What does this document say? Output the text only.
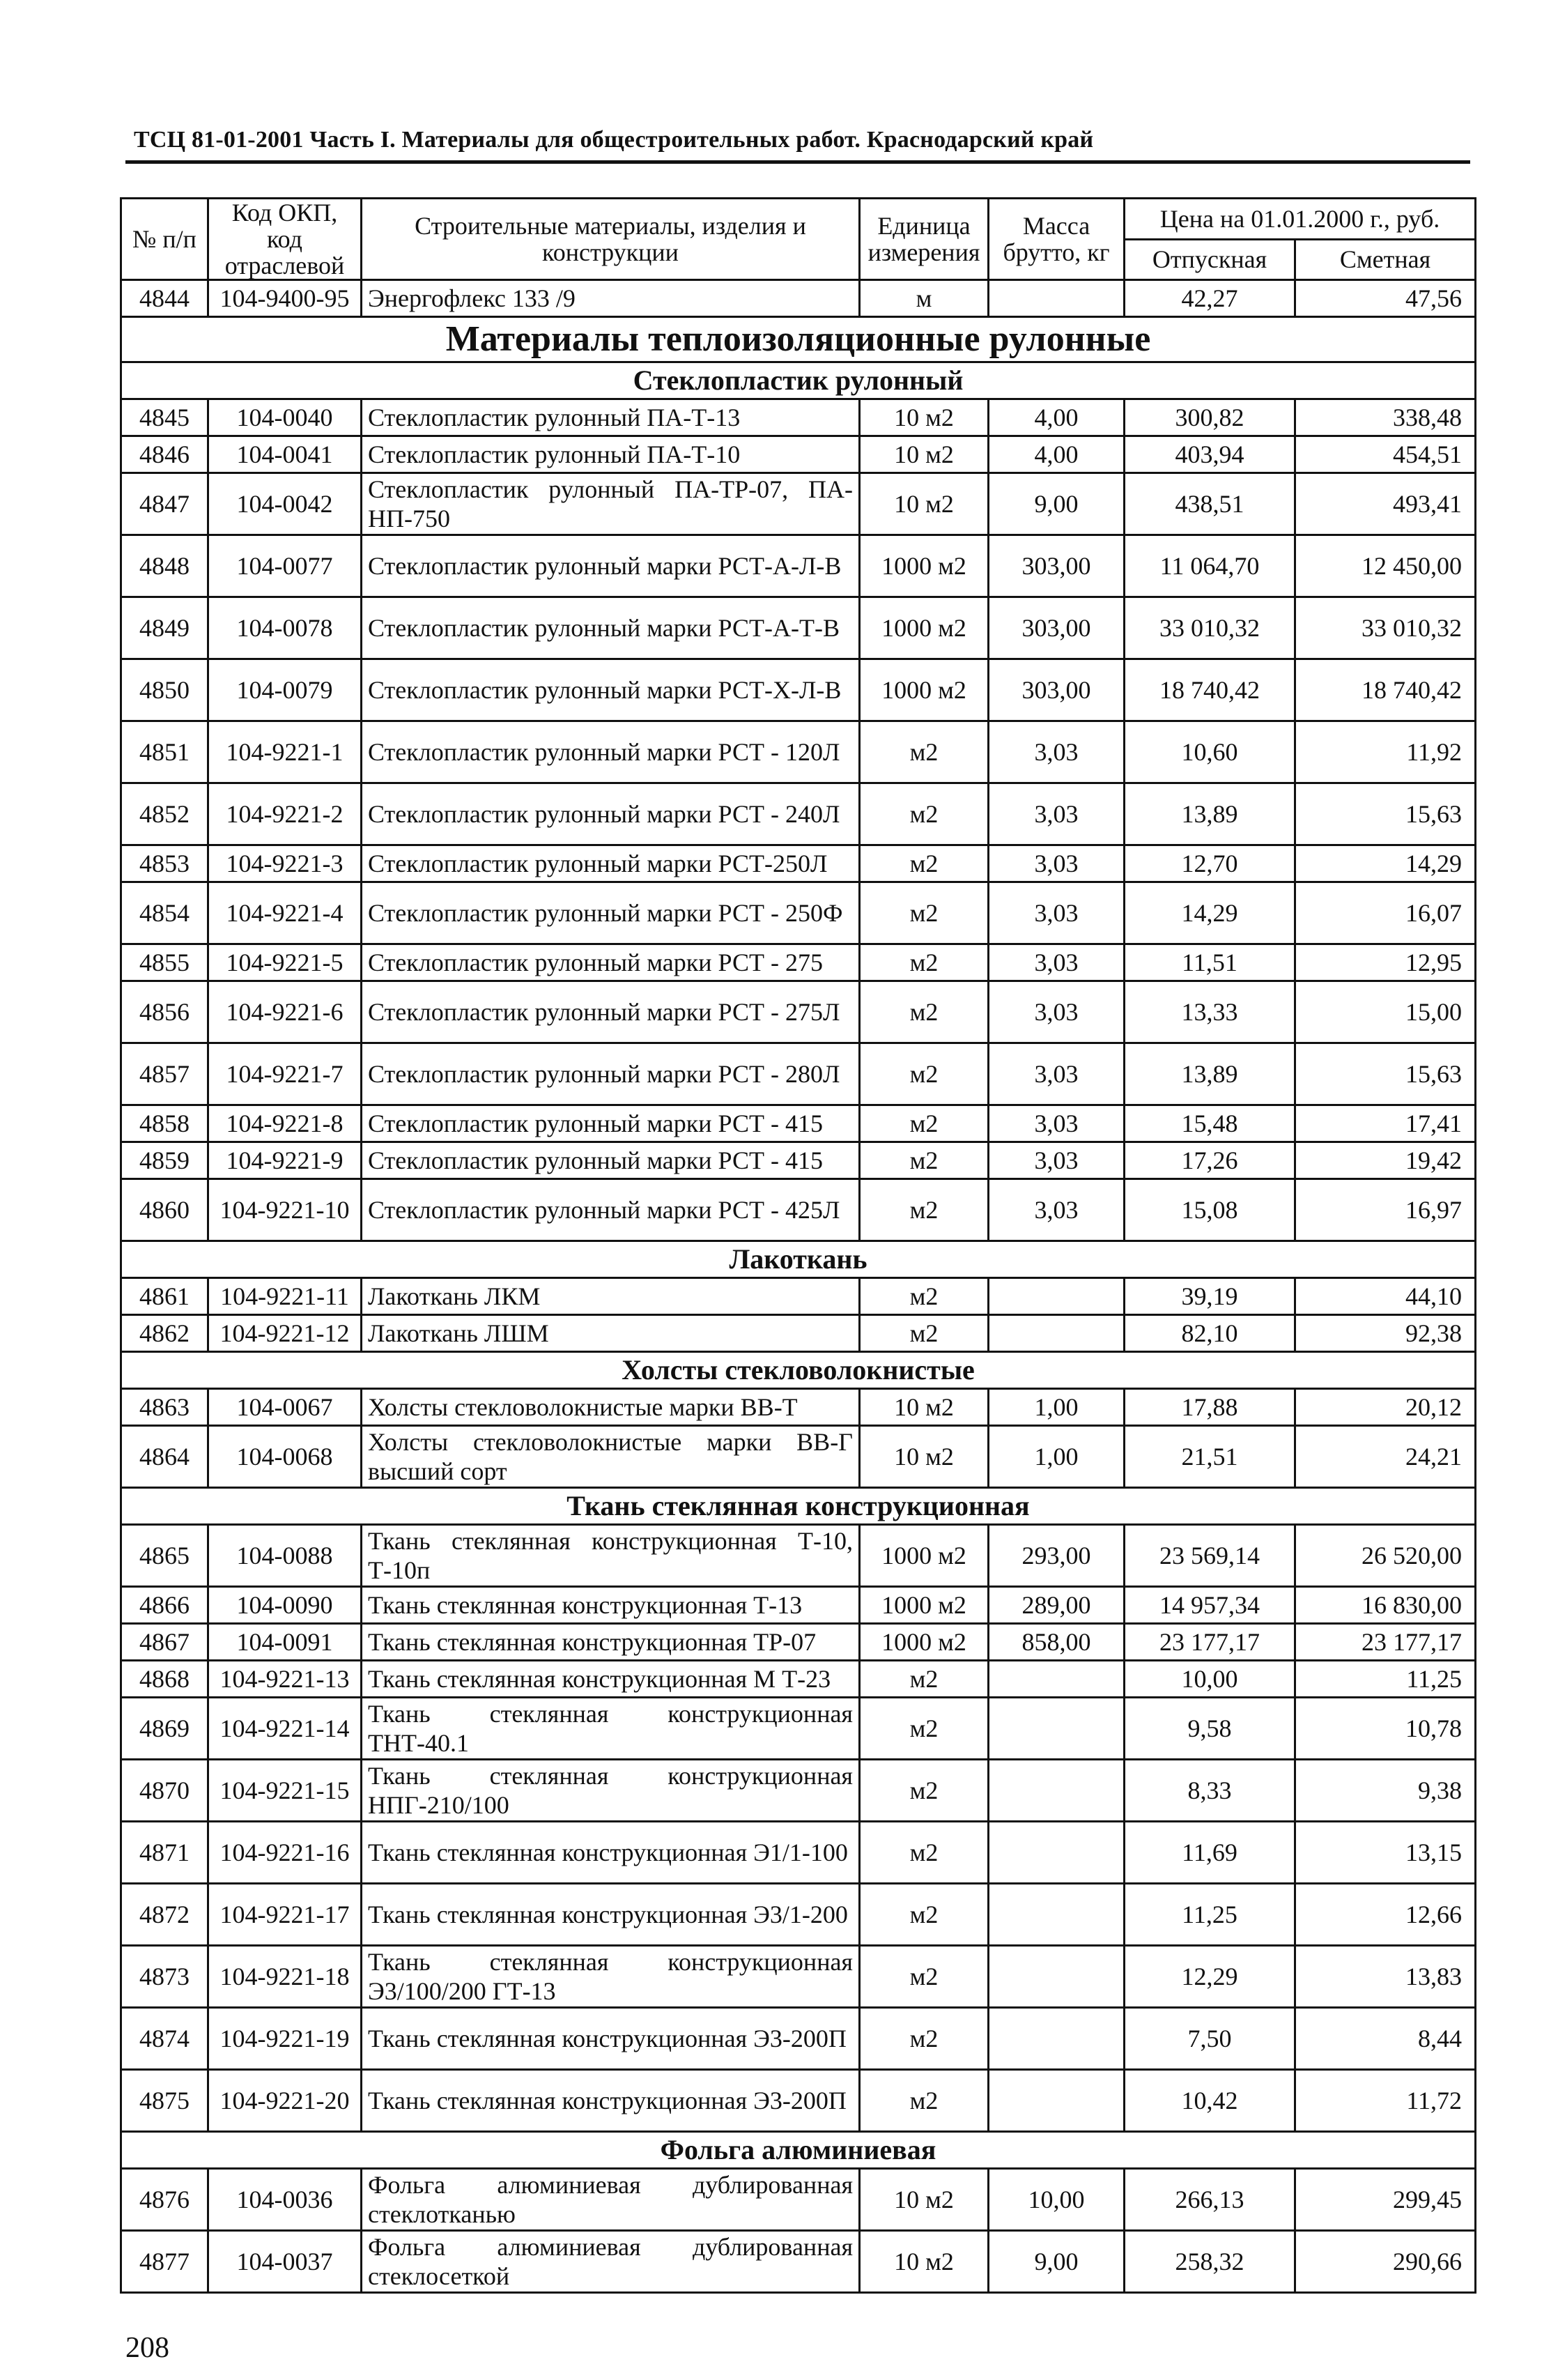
ТСЦ 81-01-2001 Часть I. Материалы для общестроительных работ. Краснодарский край
№ п/п	Код ОКП, код отраслевой	Строительные материалы, изделия и конструкции	Единица измерения	Масса брутто, кг	Цена на 01.01.2000 г., руб.	
					Отпускная	Сметная
4844	104-9400-95	Энергофлекс 133 /9	м		42,27	47,56
Материалы теплоизоляционные рулонные						
Стеклопластик рулонный						
4845	104-0040	Стеклопластик рулонный ПА-Т-13	10 м2	4,00	300,82	338,48
4846	104-0041	Стеклопластик рулонный ПА-Т-10	10 м2	4,00	403,94	454,51
4847	104-0042	Стеклопластик рулонный ПА-ТР-07, ПА-НП-750	10 м2	9,00	438,51	493,41
4848	104-0077	Стеклопластик рулонный марки РСТ-А-Л-В	1000 м2	303,00	11 064,70	12 450,00
4849	104-0078	Стеклопластик рулонный марки РСТ-А-Т-В	1000 м2	303,00	33 010,32	33 010,32
4850	104-0079	Стеклопластик рулонный марки РСТ-Х-Л-В	1000 м2	303,00	18 740,42	18 740,42
4851	104-9221-1	Стеклопластик рулонный марки РСТ - 120Л	м2	3,03	10,60	11,92
4852	104-9221-2	Стеклопластик рулонный марки РСТ - 240Л	м2	3,03	13,89	15,63
4853	104-9221-3	Стеклопластик рулонный марки РСТ-250Л	м2	3,03	12,70	14,29
4854	104-9221-4	Стеклопластик рулонный марки РСТ - 250Ф	м2	3,03	14,29	16,07
4855	104-9221-5	Стеклопластик рулонный марки РСТ - 275	м2	3,03	11,51	12,95
4856	104-9221-6	Стеклопластик рулонный марки РСТ - 275Л	м2	3,03	13,33	15,00
4857	104-9221-7	Стеклопластик рулонный марки РСТ - 280Л	м2	3,03	13,89	15,63
4858	104-9221-8	Стеклопластик рулонный марки РСТ - 415	м2	3,03	15,48	17,41
4859	104-9221-9	Стеклопластик рулонный марки РСТ - 415	м2	3,03	17,26	19,42
4860	104-9221-10	Стеклопластик рулонный марки РСТ - 425Л	м2	3,03	15,08	16,97
Лакоткань						
4861	104-9221-11	Лакоткань ЛКМ	м2		39,19	44,10
4862	104-9221-12	Лакоткань ЛШМ	м2		82,10	92,38
Холсты стекловолокнистые						
4863	104-0067	Холсты стекловолокнистые марки ВВ-Т	10 м2	1,00	17,88	20,12
4864	104-0068	Холсты стекловолокнистые марки ВВ-Г высший сорт	10 м2	1,00	21,51	24,21
Ткань стеклянная конструкционная						
4865	104-0088	Ткань стеклянная конструкционная Т-10, Т-10п	1000 м2	293,00	23 569,14	26 520,00
4866	104-0090	Ткань стеклянная конструкционная Т-13	1000 м2	289,00	14 957,34	16 830,00
4867	104-0091	Ткань стеклянная конструкционная ТР-07	1000 м2	858,00	23 177,17	23 177,17
4868	104-9221-13	Ткань стеклянная конструкционная М Т-23	м2		10,00	11,25
4869	104-9221-14	Ткань стеклянная конструкционная ТНТ-40.1	м2		9,58	10,78
4870	104-9221-15	Ткань стеклянная конструкционная НПГ-210/100	м2		8,33	9,38
4871	104-9221-16	Ткань стеклянная конструкционная Э1/1-100	м2		11,69	13,15
4872	104-9221-17	Ткань стеклянная конструкционная Э3/1-200	м2		11,25	12,66
4873	104-9221-18	Ткань стеклянная конструкционная Э3/100/200 ГТ-13	м2		12,29	13,83
4874	104-9221-19	Ткань стеклянная конструкционная Э3-200П	м2		7,50	8,44
4875	104-9221-20	Ткань стеклянная конструкционная Э3-200П	м2		10,42	11,72
Фольга алюминиевая						
4876	104-0036	Фольга алюминиевая дублированная стеклотканью	10 м2	10,00	266,13	299,45
4877	104-0037	Фольга алюминиевая дублированная стеклосеткой	10 м2	9,00	258,32	290,66
208
